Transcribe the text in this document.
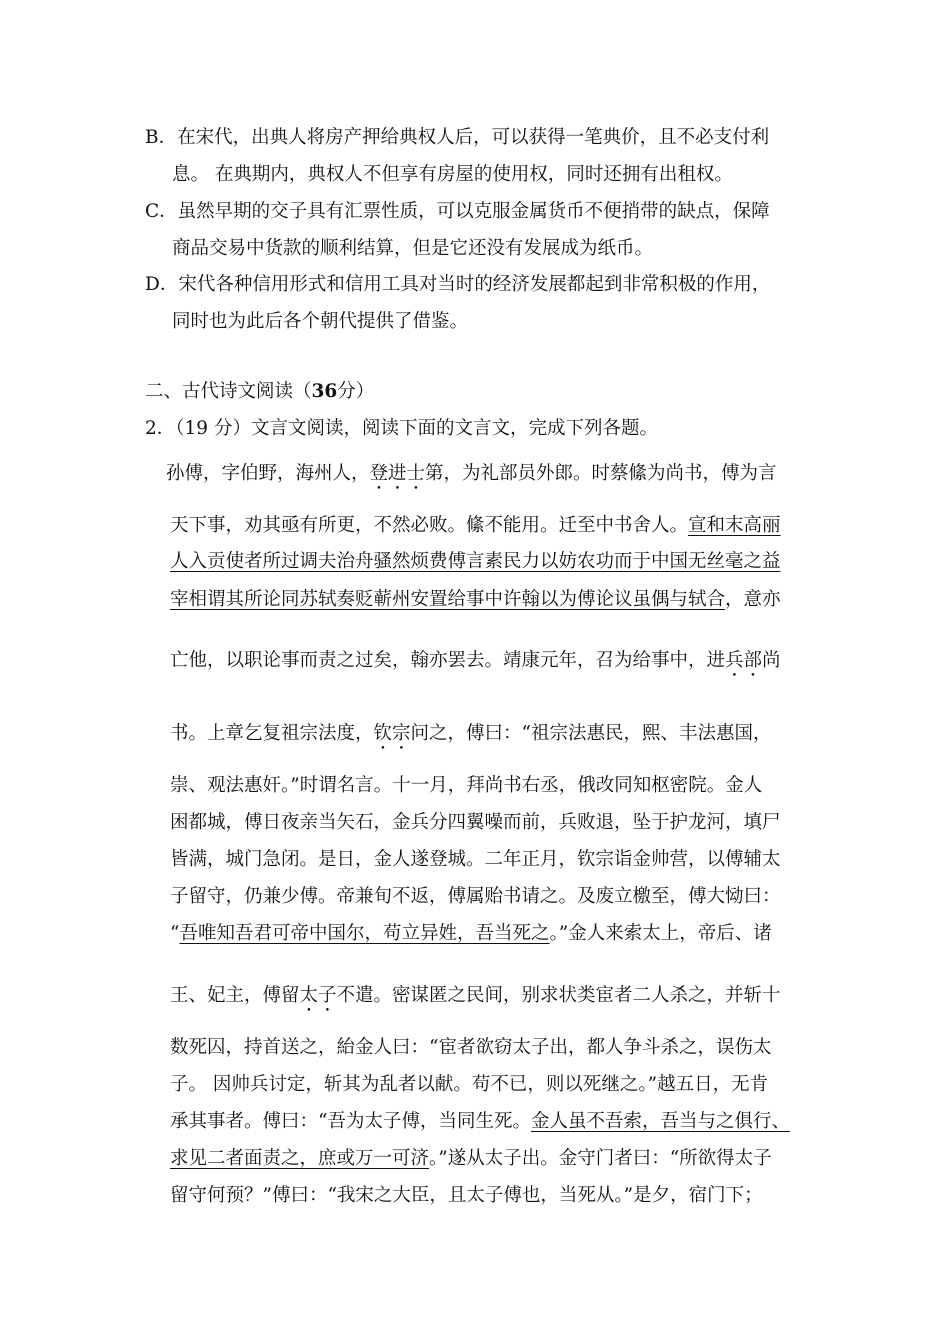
B．在宋代，出典人将房产押给典权人后，可以获得一笔典价，且不必支付利
息。 在典期内，典权人不但享有房屋的使用权，同时还拥有出租权。
C．虽然早期的交子具有汇票性质，可以克服金属货币不便捎带的缺点，保障
商品交易中货款的顺利结算，但是它还没有发展成为纸币。
D．宋代各种信用形式和信用工具对当时的经济发展都起到非常积极的作用，
同时也为此后各个朝代提供了借鉴。
二、古代诗文阅读（36分）
2．（19 分）文言文阅读，阅读下面的文言文，完成下列各题。
孙傅，字伯野，海州人，登进士第，为礼部员外郎。时蔡絛为尚书，傅为言
天下事，劝其亟有所更，不然必败。絛不能用。迁至中书舍人。宣和末高丽
人入贡使者所过调夫治舟骚然烦费傅言素民力以妨农功而于中国无丝毫之益
宰相谓其所论同苏轼奏贬蕲州安置给事中许翰以为傅论议虽偶与轼合，意亦
亡他，以职论事而责之过矣，翰亦罢去。靖康元年，召为给事中，进兵部尚
书。上章乞复祖宗法度，钦宗问之，傅曰：“祖宗法惠民，熙、丰法惠国，
崇、观法惠奸。”时谓名言。十一月，拜尚书右丞，俄改同知枢密院。金人
困都城，傅日夜亲当矢石，金兵分四翼噪而前，兵败退，坠于护龙河，填尸
皆满，城门急闭。是日，金人遂登城。二年正月，钦宗诣金帅营，以傅辅太
子留守，仍兼少傅。帝兼旬不返，傅属贻书请之。及废立檄至，傅大恸曰：
“吾唯知吾君可帝中国尔，苟立异姓，吾当死之。”金人来索太上，帝后、诸
王、妃主，傅留太子不遣。密谋匿之民间，别求状类宦者二人杀之，并斩十
数死囚，持首送之，紿金人曰：“宦者欲窃太子出，都人争斗杀之，误伤太
子。 因帅兵讨定，斩其为乱者以献。苟不已，则以死继之。”越五日，无肯
承其事者。傅曰：“吾为太子傅，当同生死。金人虽不吾索，吾当与之俱行、
求见二者面责之，庶或万一可济。”遂从太子出。金守门者曰：“所欲得太子
留守何预？”傅曰：“我宋之大臣，且太子傅也，当死从。”是夕，宿门下；
